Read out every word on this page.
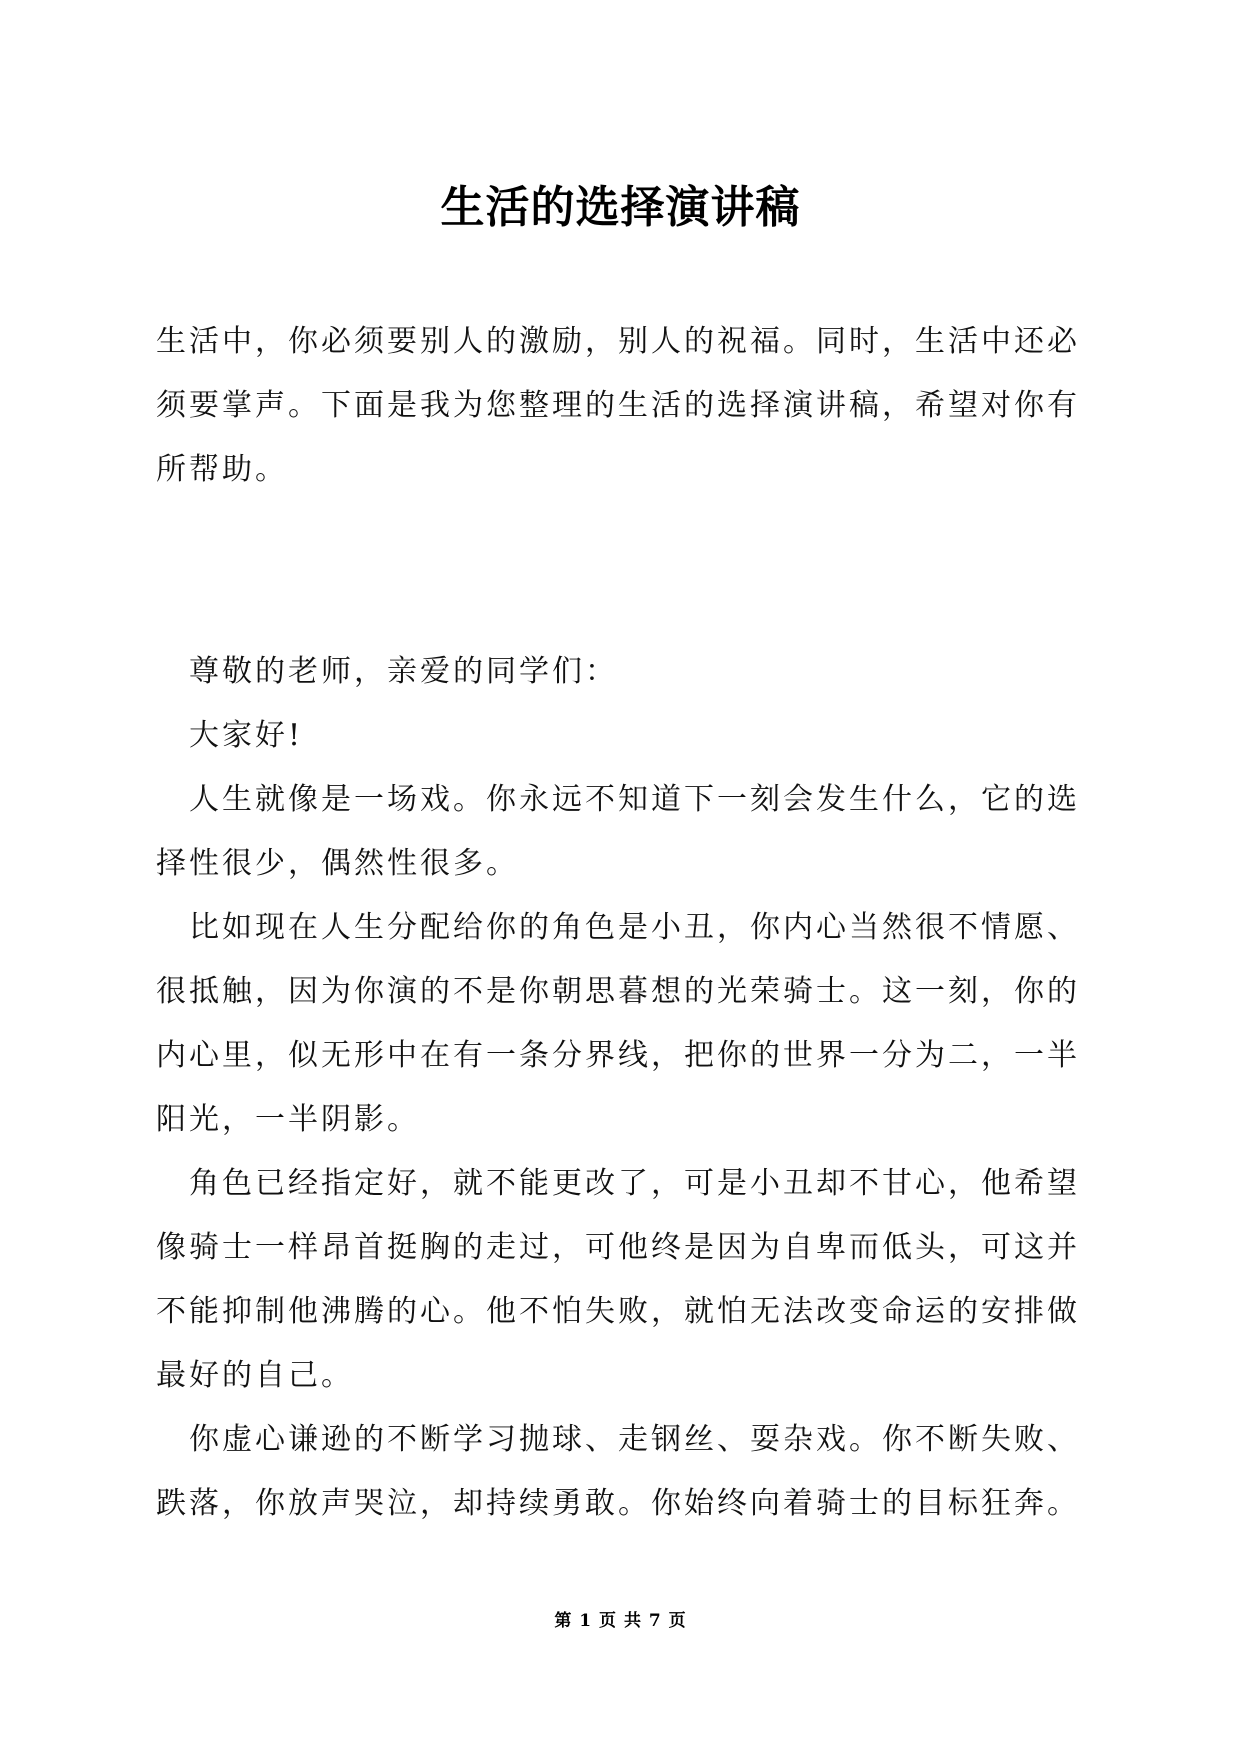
生活的选择演讲稿
生活中，你必须要别人的激励，别人的祝福。同时，生活中还必
须要掌声。下面是我为您整理的生活的选择演讲稿，希望对你有
所帮助。
尊敬的老师，亲爱的同学们：
大家好!
人生就像是一场戏。你永远不知道下一刻会发生什么，它的选
择性很少，偶然性很多。
比如现在人生分配给你的角色是小丑，你内心当然很不情愿、
很抵触，因为你演的不是你朝思暮想的光荣骑士。这一刻，你的
内心里，似无形中在有一条分界线，把你的世界一分为二，一半
阳光，一半阴影。
角色已经指定好，就不能更改了，可是小丑却不甘心，他希望
像骑士一样昂首挺胸的走过，可他终是因为自卑而低头，可这并
不能抑制他沸腾的心。他不怕失败，就怕无法改变命运的安排做
最好的自己。
你虚心谦逊的不断学习抛球、走钢丝、耍杂戏。你不断失败、
跌落，你放声哭泣，却持续勇敢。你始终向着骑士的目标狂奔。
第 1 页 共 7 页
